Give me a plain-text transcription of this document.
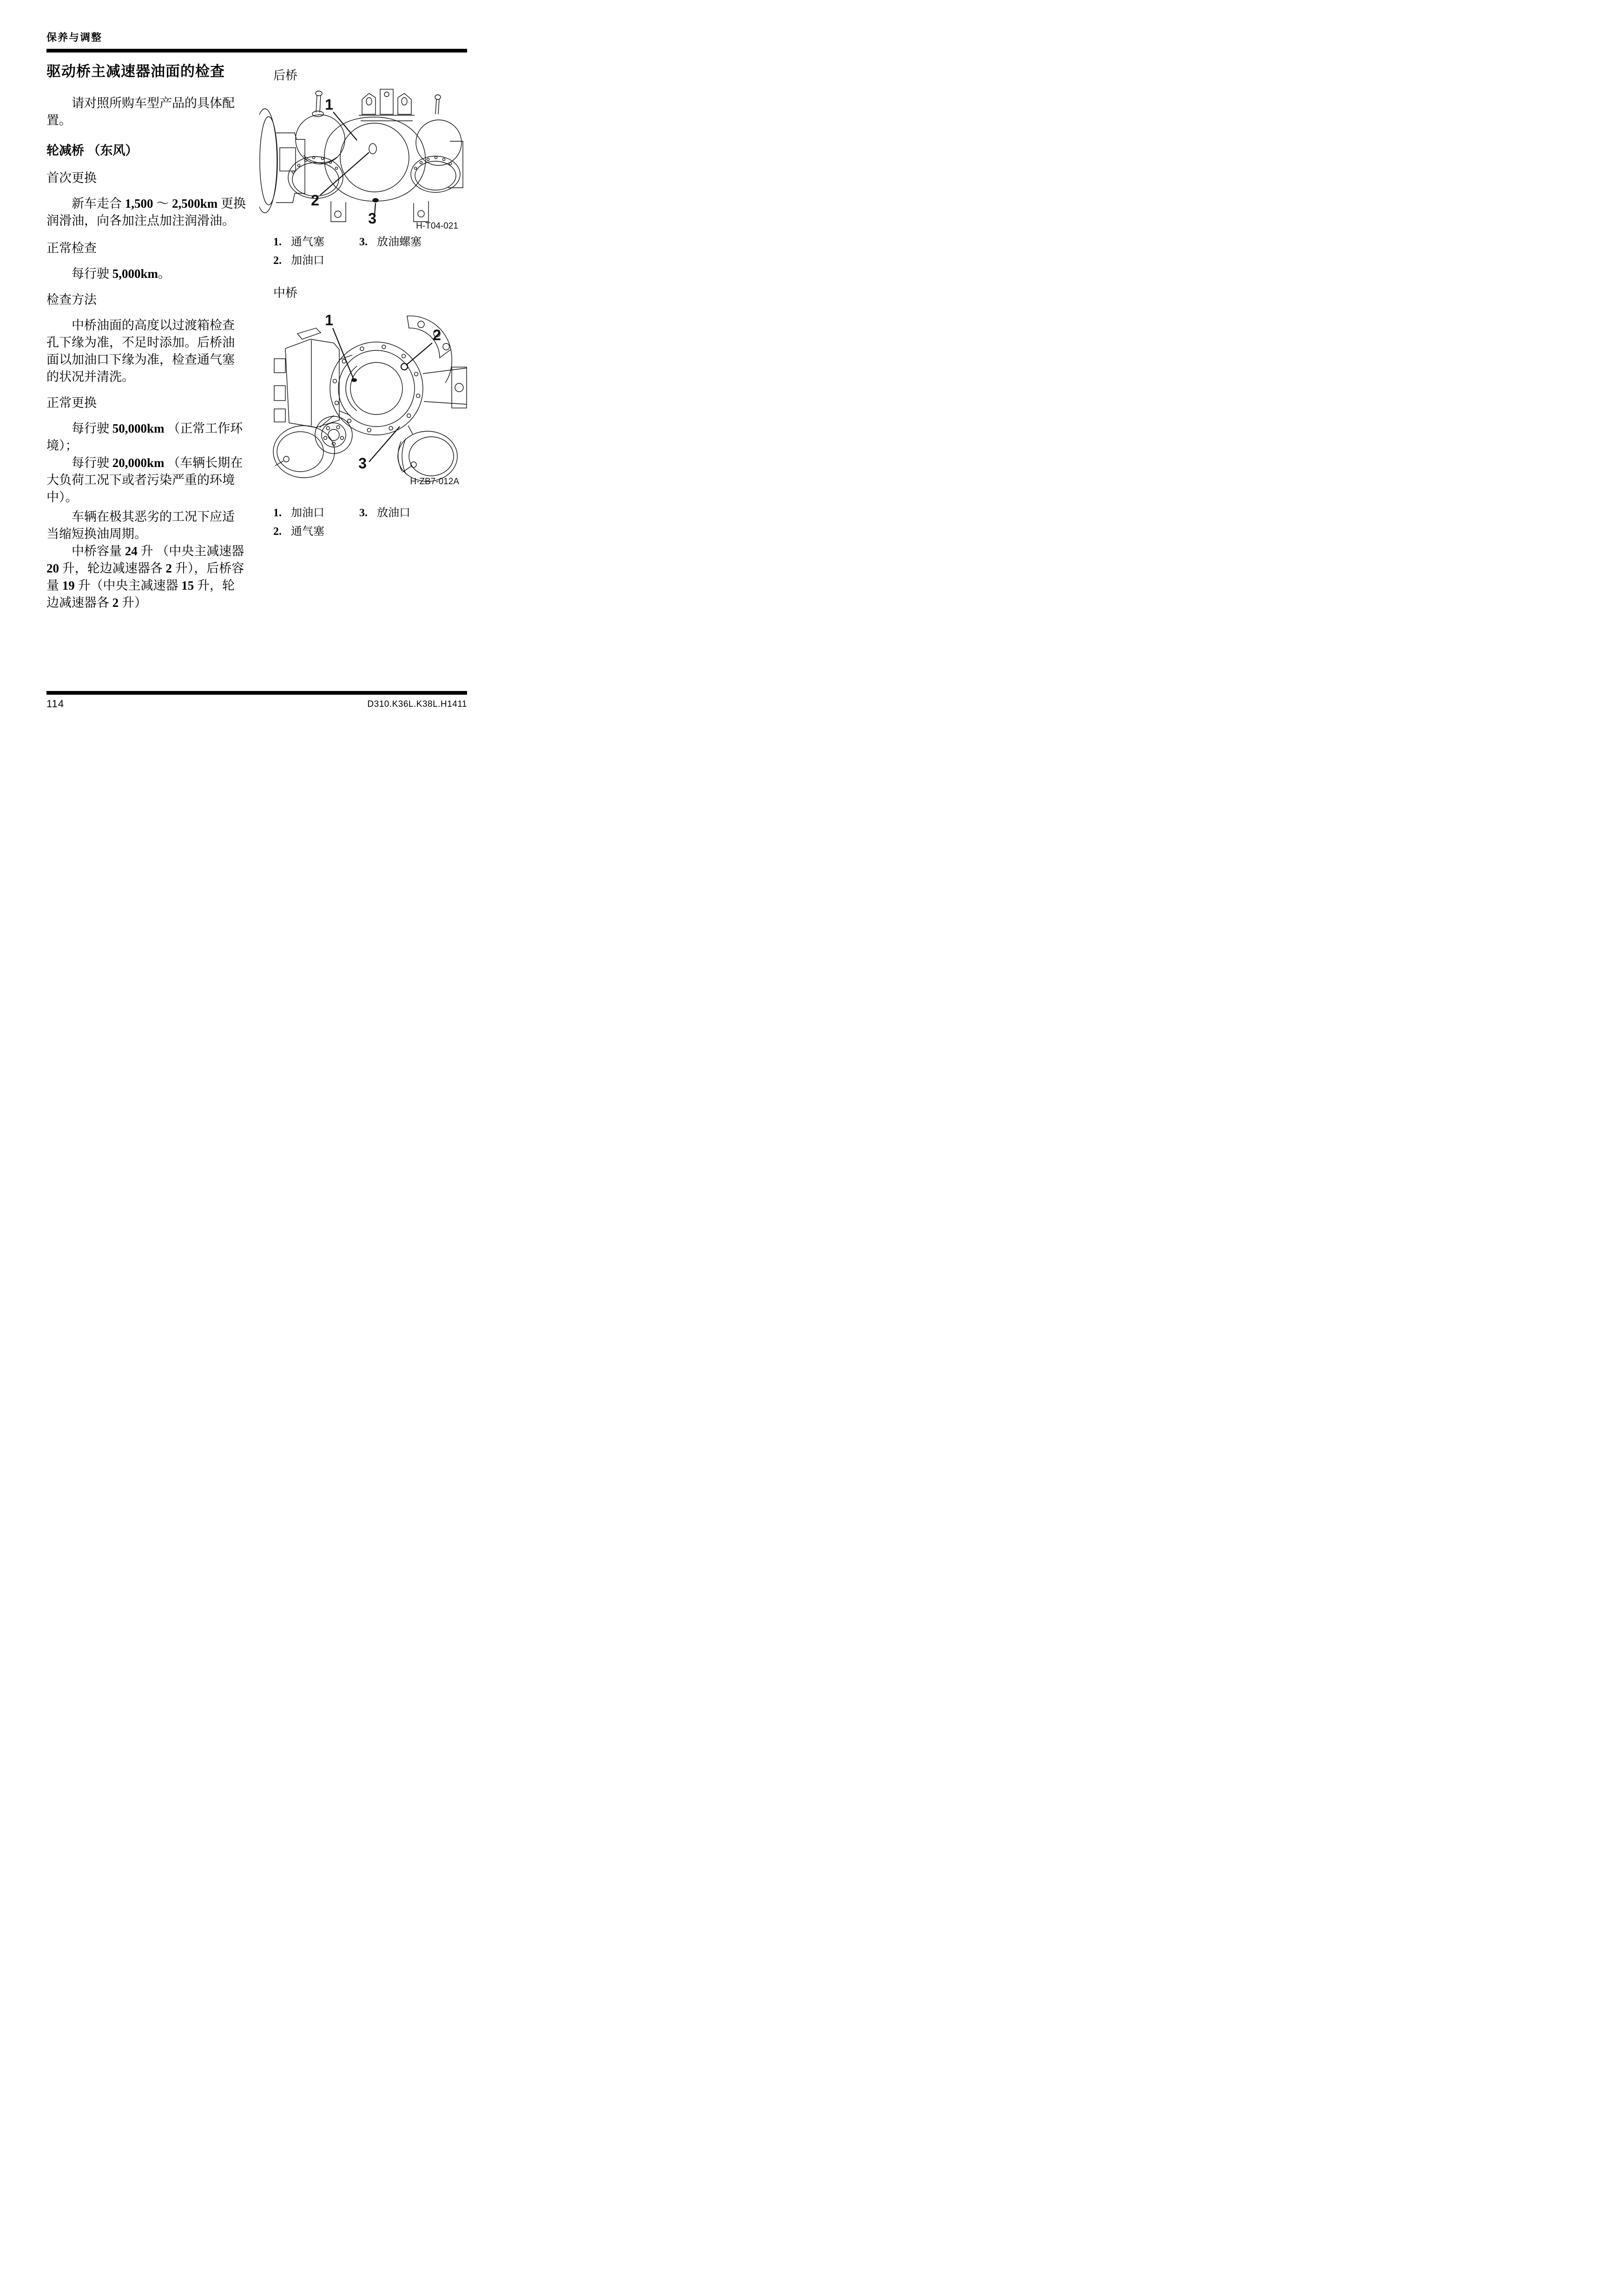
保养与调整
驱动桥主减速器油面的检查

请对照所购车型产品的具体配置。

轮减桥 （东风）

首次更换

新车走合 1,500 ～ 2,500km 更换润滑油，向各加注点加注润滑油。

正常检查

每行驶 5,000km。

检查方法

中桥油面的高度以过渡箱检查孔下缘为准，不足时添加。后桥油面以加油口下缘为准，检查通气塞的状况并清洗。

正常更换

每行驶 50,000km （正常工作环境）；

每行驶 20,000km （车辆长期在大负荷工况下或者污染严重的环境中）。

车辆在极其恶劣的工况下应适当缩短换油周期。

中桥容量 24 升 （中央主减速器 20 升，轮边减速器各 2 升），后桥容量 19 升（中央主减速器 15 升，轮边减速器各 2 升）

后桥
1
2
3	H-T04-021
1. 通气塞
2. 加油口
3. 放油螺塞
中桥
1
2
3
H-ZB7-012A
1. 加油口
2. 通气塞
3. 放油口
114	D310.K36L.K38L.H1411
